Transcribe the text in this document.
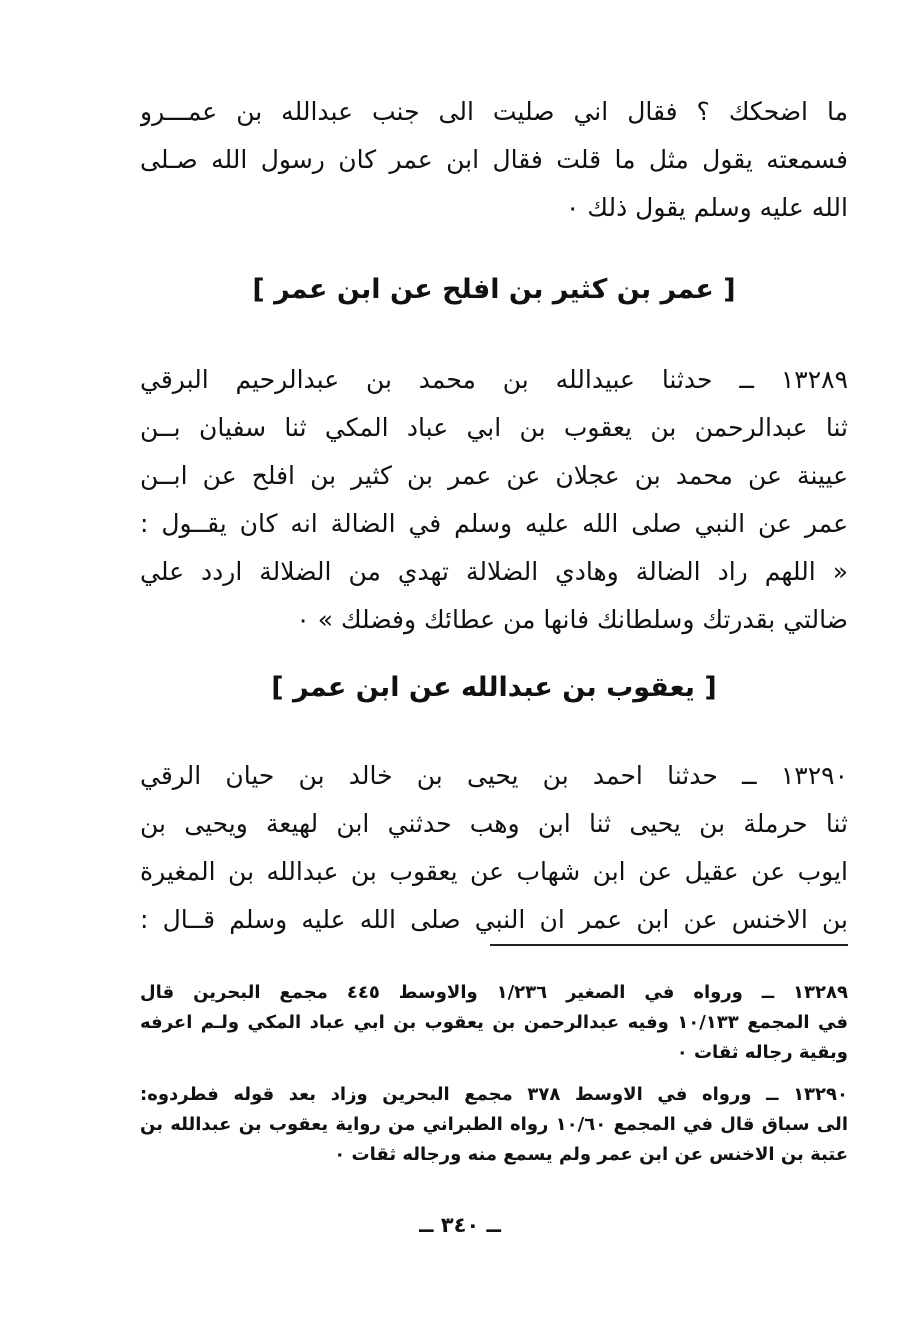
ما اضحكك ؟ فقال اني صليت الى جنب عبدالله بن عمـــرو
فسمعته يقول مثل ما قلت فقال ابن عمر كان رسول الله صـلى
الله عليه وسلم يقول ذلك ٠
[ عمر بن كثير بن افلح عن ابن عمر ]
١٣٢٨٩ ــ حدثنا عبيدالله بن محمد بن عبدالرحيم البرقي
ثنا عبدالرحمن بن يعقوب بن ابي عباد المكي ثنا سفيان بــن
عيينة عن محمد بن عجلان عن عمر بن كثير بن افلح عن ابــن
عمر عن النبي صلى الله عليه وسلم في الضالة انه كان يقــول :
« اللهم راد الضالة وهادي الضلالة تهدي من الضلالة اردد علي
ضالتي بقدرتك وسلطانك فانها من عطائك وفضلك » ٠
[ يعقوب بن عبدالله عن ابن عمر ]
١٣٢٩٠ ــ حدثنا احمد بن يحيى بن خالد بن حيان الرقي
ثنا حرملة بن يحيى ثنا ابن وهب حدثني ابن لهيعة ويحيى بن
ايوب عن عقيل عن ابن شهاب عن يعقوب بن عبدالله بن المغيرة
بن الاخنس عن ابن عمر ان النبي صلى الله عليه وسلم قــال :
١٣٢٨٩ ــ ورواه في الصغير ١/٢٣٦ والاوسط ٤٤٥ مجمع البحرين قال
في المجمع ١٠/١٣٣ وفيه عبدالرحمن بن يعقوب بن ابي عباد المكي ولـم اعرفه
وبقية رجاله ثقات ٠
١٣٢٩٠ ــ ورواه في الاوسط ٣٧٨ مجمع البحرين وزاد بعد قوله فطردوه:
الى سباق قال في المجمع ١٠/٦٠ رواه الطبراني من رواية يعقوب بن عبدالله بن
عتبة بن الاخنس عن ابن عمر ولم يسمع منه ورجاله ثقات ٠
ــ ٣٤٠ ــ
